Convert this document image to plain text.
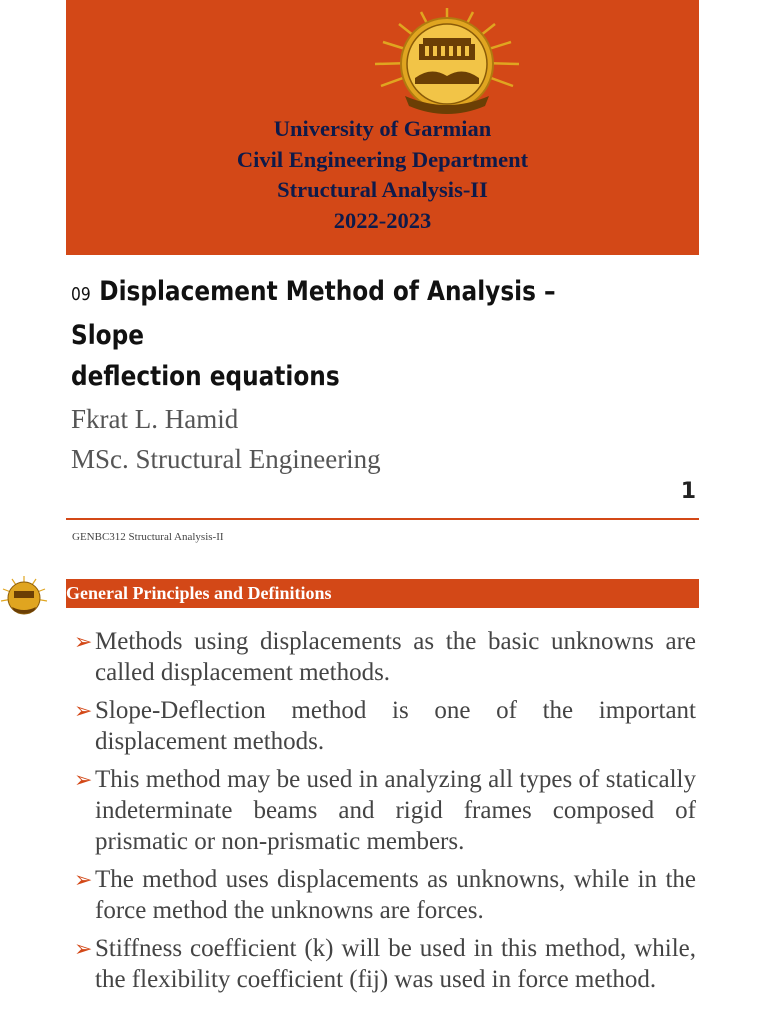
University of Garmian
Civil Engineering Department
Structural Analysis-II
2022-2023
09 Displacement Method of Analysis – Slope
deflection equations
Fkrat L. Hamid
MSc. Structural Engineering
1
GENBC312 Structural Analysis-II
General Principles and Definitions
➢ Methods using displacements as the basic unknowns are called displacement methods.
➢ Slope-Deflection method is one of the important displacement methods.
➢ This method may be used in analyzing all types of statically indeterminate beams and rigid frames composed of prismatic or non-prismatic members.
➢ The method uses displacements as unknowns, while in the force method the unknowns are forces.
➢ Stiffness coefficient (k) will be used in this method, while, the flexibility coefficient (fij) was used in force method.
